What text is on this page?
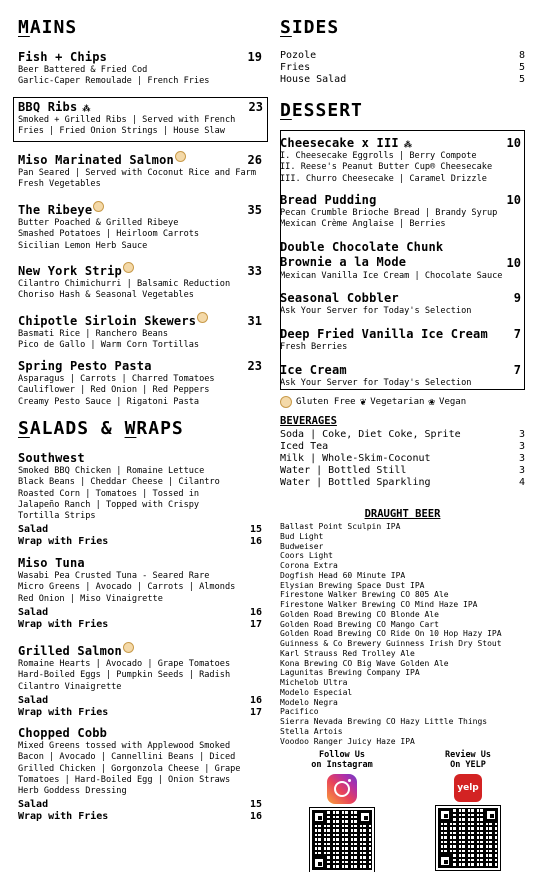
MAINS
Fish + Chips	19
Beer Battered & Fried Cod
Garlic-Caper Remoulade | French Fries
BBQ Ribs ⁂	23
Smoked + Grilled Ribs | Served with French Fries | Fried Onion Strings | House Slaw
Miso Marinated Salmon	26
Pan Seared | Served with Coconut Rice and Farm Fresh Vegetables
The Ribeye	35
Butter Poached & Grilled Ribeye
Smashed Potatoes | Heirloom Carrots
Sicilian Lemon Herb Sauce
New York Strip	33
Cilantro Chimichurri | Balsamic Reduction
Choriso Hash & Seasonal Vegetables
Chipotle Sirloin Skewers	31
Basmati Rice | Ranchero Beans
Pico de Gallo | Warm Corn Tortillas
Spring Pesto Pasta	23
Asparagus | Carrots | Charred Tomatoes
Cauliflower | Red Onion | Red Peppers
Creamy Pesto Sauce | Rigatoni Pasta
SALADS & WRAPS
Southwest
Smoked BBQ Chicken | Romaine Lettuce
Black Beans | Cheddar Cheese | Cilantro
Roasted Corn | Tomatoes | Tossed in
Jalapeño Ranch | Topped with Crispy
Tortilla Strips
Salad	15
Wrap with Fries	16
Miso Tuna
Wasabi Pea Crusted Tuna - Seared Rare
Micro Greens | Avocado | Carrots | Almonds
Red Onion | Miso Vinaigrette
Salad	16
Wrap with Fries	17
Grilled Salmon
Romaine Hearts | Avocado | Grape Tomatoes
Hard-Boiled Eggs | Pumpkin Seeds | Radish
Cilantro Vinaigrette
Salad	16
Wrap with Fries	17
Chopped Cobb
Mixed Greens tossed with Applewood Smoked
Bacon | Avocado | Cannellini Beans | Diced
Grilled Chicken | Gorgonzola Cheese | Grape
Tomatoes | Hard-Boiled Egg | Onion Straws
Herb Goddess Dressing
Salad	15
Wrap with Fries	16
SIDES
Pozole	8
Fries	5
House Salad	5
DESSERT
Cheesecake x III ⁂	10
I. Cheesecake Eggrolls | Berry Compote
II. Reese's Peanut Butter Cup® Cheesecake
III. Churro Cheesecake | Caramel Drizzle
Bread Pudding	10
Pecan Crumble Brioche Bread | Brandy Syrup
Mexican Crème Anglaise | Berries
Double Chocolate Chunk
Brownie a la Mode	10
Mexican Vanilla Ice Cream | Chocolate Sauce
Seasonal Cobbler	9
Ask Your Server for Today's Selection
Deep Fried Vanilla Ice Cream 7
Fresh Berries
Ice Cream	7
Ask Your Server for Today's Selection
Gluten Free ❦ Vegetarian ❀ Vegan
BEVERAGES
Soda | Coke, Diet Coke, Sprite	3
Iced Tea	3
Milk | Whole-Skim-Coconut	3
Water | Bottled Still	3
Water | Bottled Sparkling	4
DRAUGHT BEER
Ballast Point Sculpin IPA
Bud Light
Budweiser
Coors Light
Corona Extra
Dogfish Head 60 Minute IPA
Elysian Brewing Space Dust IPA
Firestone Walker Brewing CO 805 Ale
Firestone Walker Brewing CO Mind Haze IPA
Golden Road Brewing CO Blonde Ale
Golden Road Brewing CO Mango Cart
Golden Road Brewing CO Ride On 10 Hop Hazy IPA
Guinness & Co Brewery Guinness Irish Dry Stout
Karl Strauss Red Trolley Ale
Kona Brewing CO Big Wave Golden Ale
Lagunitas Brewing Company IPA
Michelob Ultra
Modelo Especial
Modelo Negra
Pacifico
Sierra Nevada Brewing CO Hazy Little Things
Stella Artois
Voodoo Ranger Juicy Haze IPA
Follow Us
on Instagram
Review Us
On YELP
yelp
